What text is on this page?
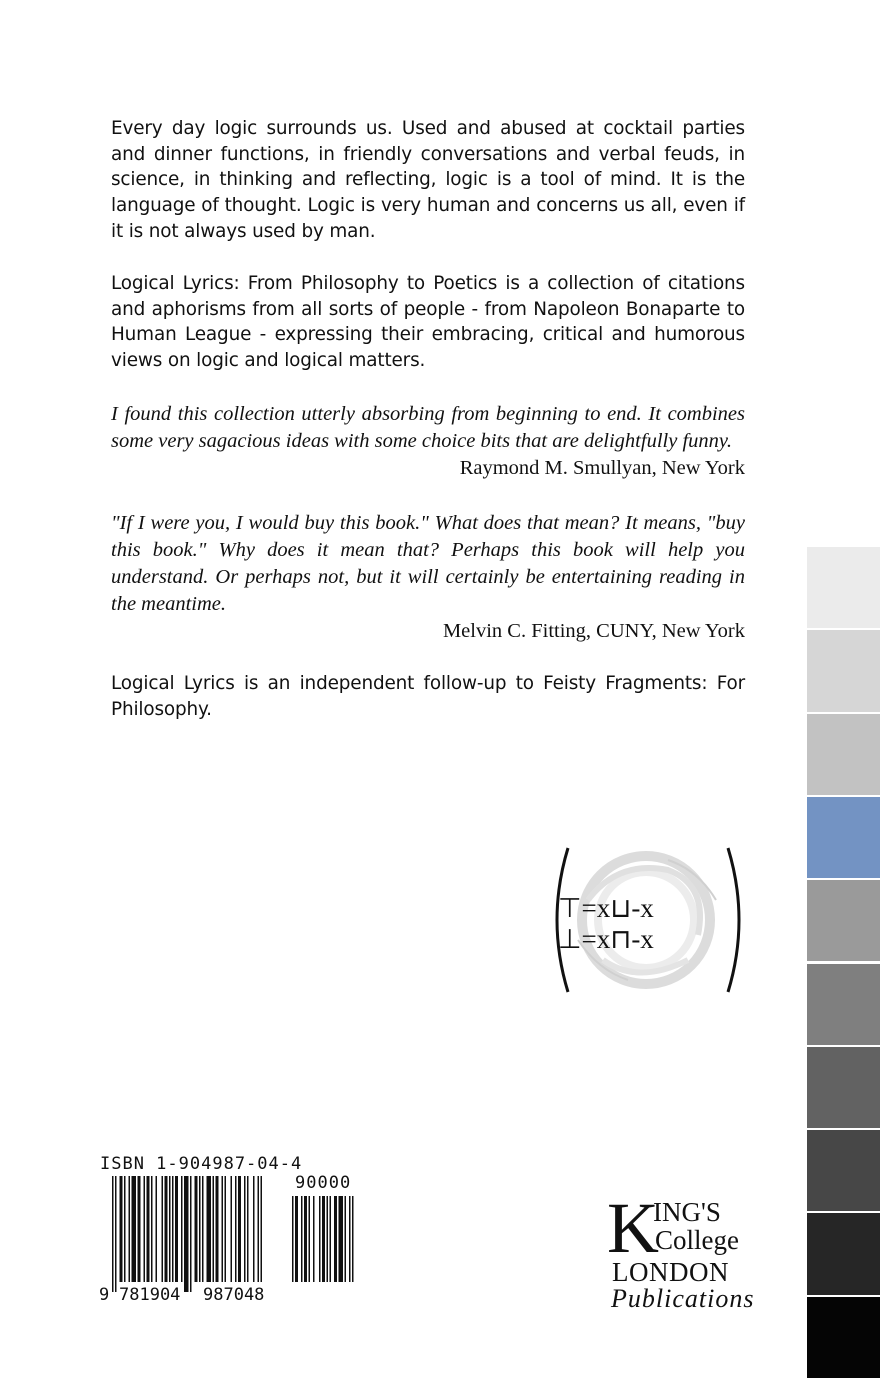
Every day logic surrounds us. Used and abused at cocktail parties and dinner functions, in friendly conversations and verbal feuds, in science, in thinking and reflecting, logic is a tool of mind. It is the language of thought. Logic is very human and concerns us all, even if it is not always used by man.

Logical Lyrics: From Philosophy to Poetics is a collection of citations and aphorisms from all sorts of people - from Napoleon Bonaparte to Human League - expressing their embracing, critical and humorous views on logic and logical matters.

I found this collection utterly absorbing from beginning to end. It combines some very sagacious ideas with some choice bits that are delightfully funny.

Raymond M. Smullyan, New York

"If I were you, I would buy this book." What does that mean? It means, "buy this book." Why does it mean that? Perhaps this book will help you understand. Or perhaps not, but it will certainly be entertaining reading in the meantime.

Melvin C. Fitting, CUNY, New York

Logical Lyrics is an independent follow-up to Feisty Fragments: For Philosophy.

⊤=x⊔-x
⊥=x⊓-x
ISBN 1-904987-04-4
90000
9 781904 987048
K
ING'S
College
LONDON
Publications
